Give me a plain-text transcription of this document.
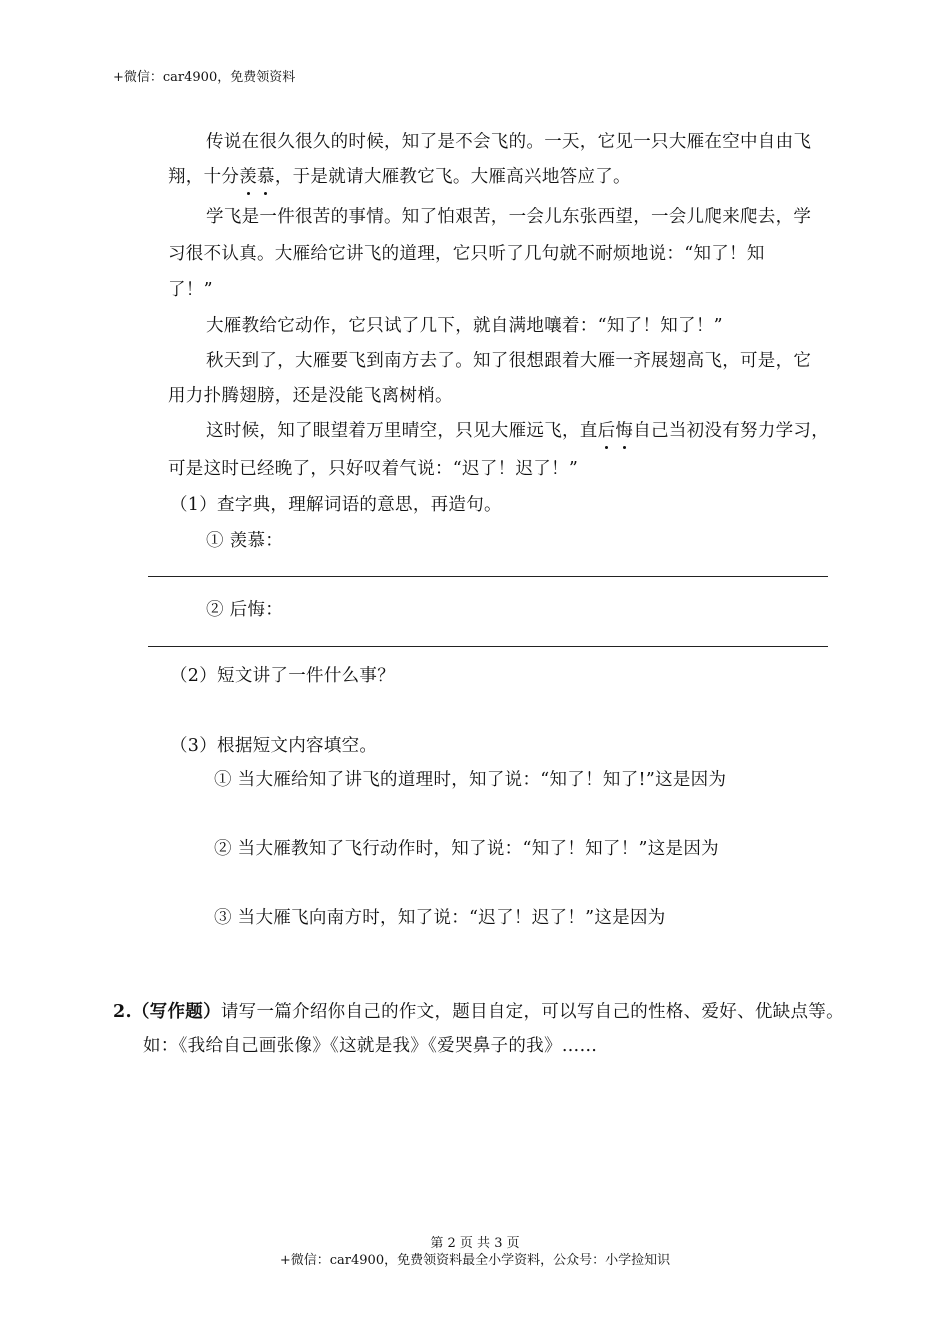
+微信：car4900，免费领资料
传说在很久很久的时候，知了是不会飞的。一天，它见一只大雁在空中自由飞
翔，十分羡慕，于是就请大雁教它飞。大雁高兴地答应了。
学飞是一件很苦的事情。知了怕艰苦，一会儿东张西望，一会儿爬来爬去，学
习很不认真。大雁给它讲飞的道理，它只听了几句就不耐烦地说：“知了！知
了！”
大雁教给它动作，它只试了几下，就自满地嚷着：“知了！知了！”
秋天到了，大雁要飞到南方去了。知了很想跟着大雁一齐展翅高飞，可是，它
用力扑腾翅膀，还是没能飞离树梢。
这时候，知了眼望着万里晴空，只见大雁远飞，直后悔自己当初没有努力学习，
可是这时已经晚了，只好叹着气说：“迟了！迟了！”
（1）查字典，理解词语的意思，再造句。
① 羡慕：
② 后悔：
（2）短文讲了一件什么事？
（3）根据短文内容填空。
① 当大雁给知了讲飞的道理时，知了说：“知了！知了!”这是因为
② 当大雁教知了飞行动作时，知了说：“知了！知了！”这是因为
③ 当大雁飞向南方时，知了说：“迟了！迟了！”这是因为
2.（写作题）请写一篇介绍你自己的作文，题目自定，可以写自己的性格、爱好、优缺点等。
如：《我给自己画张像》《这就是我》《爱哭鼻子的我》……
第 2 页 共 3 页
+微信：car4900，免费领资料最全小学资料，公众号：小学捡知识
